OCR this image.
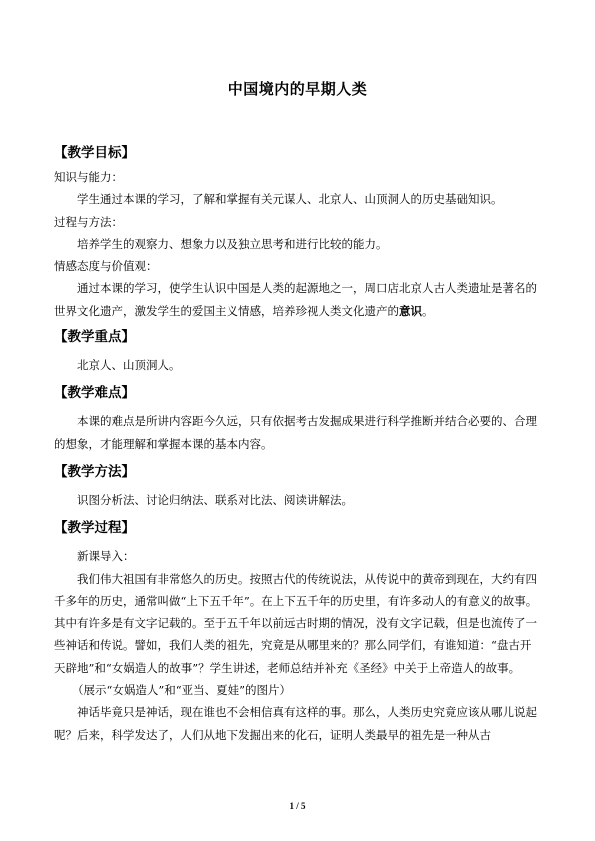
中国境内的早期人类

【教学目标】

知识与能力：

学生通过本课的学习，了解和掌握有关元谋人、北京人、山顶洞人的历史基础知识。

过程与方法：

培养学生的观察力、想象力以及独立思考和进行比较的能力。

情感态度与价值观：

通过本课的学习，使学生认识中国是人类的起源地之一，周口店北京人古人类遗址是著名的世界文化遗产，激发学生的爱国主义情感，培养珍视人类文化遗产的意识。

【教学重点】

北京人、山顶洞人。

【教学难点】

本课的难点是所讲内容距今久远，只有依据考古发掘成果进行科学推断并结合必要的、合理的想象，才能理解和掌握本课的基本内容。

【教学方法】

识图分析法、讨论归纳法、联系对比法、阅读讲解法。

【教学过程】

新课导入：

我们伟大祖国有非常悠久的历史。按照古代的传统说法，从传说中的黄帝到现在，大约有四千多年的历史，通常叫做“上下五千年”。在上下五千年的历史里，有许多动人的有意义的故事。其中有许多是有文字记载的。至于五千年以前远古时期的情况，没有文字记载，但是也流传了一些神话和传说。譬如，我们人类的祖先，究竟是从哪里来的？那么同学们，有谁知道：“盘古开天辟地”和“女娲造人的故事”？学生讲述，老师总结并补充《圣经》中关于上帝造人的故事。

（展示“女娲造人”和“亚当、夏娃”的图片）

神话毕竟只是神话，现在谁也不会相信真有这样的事。那么，人类历史究竟应该从哪儿说起呢？后来，科学发达了，人们从地下发掘出来的化石，证明人类最早的祖先是一种从古

1 / 5
